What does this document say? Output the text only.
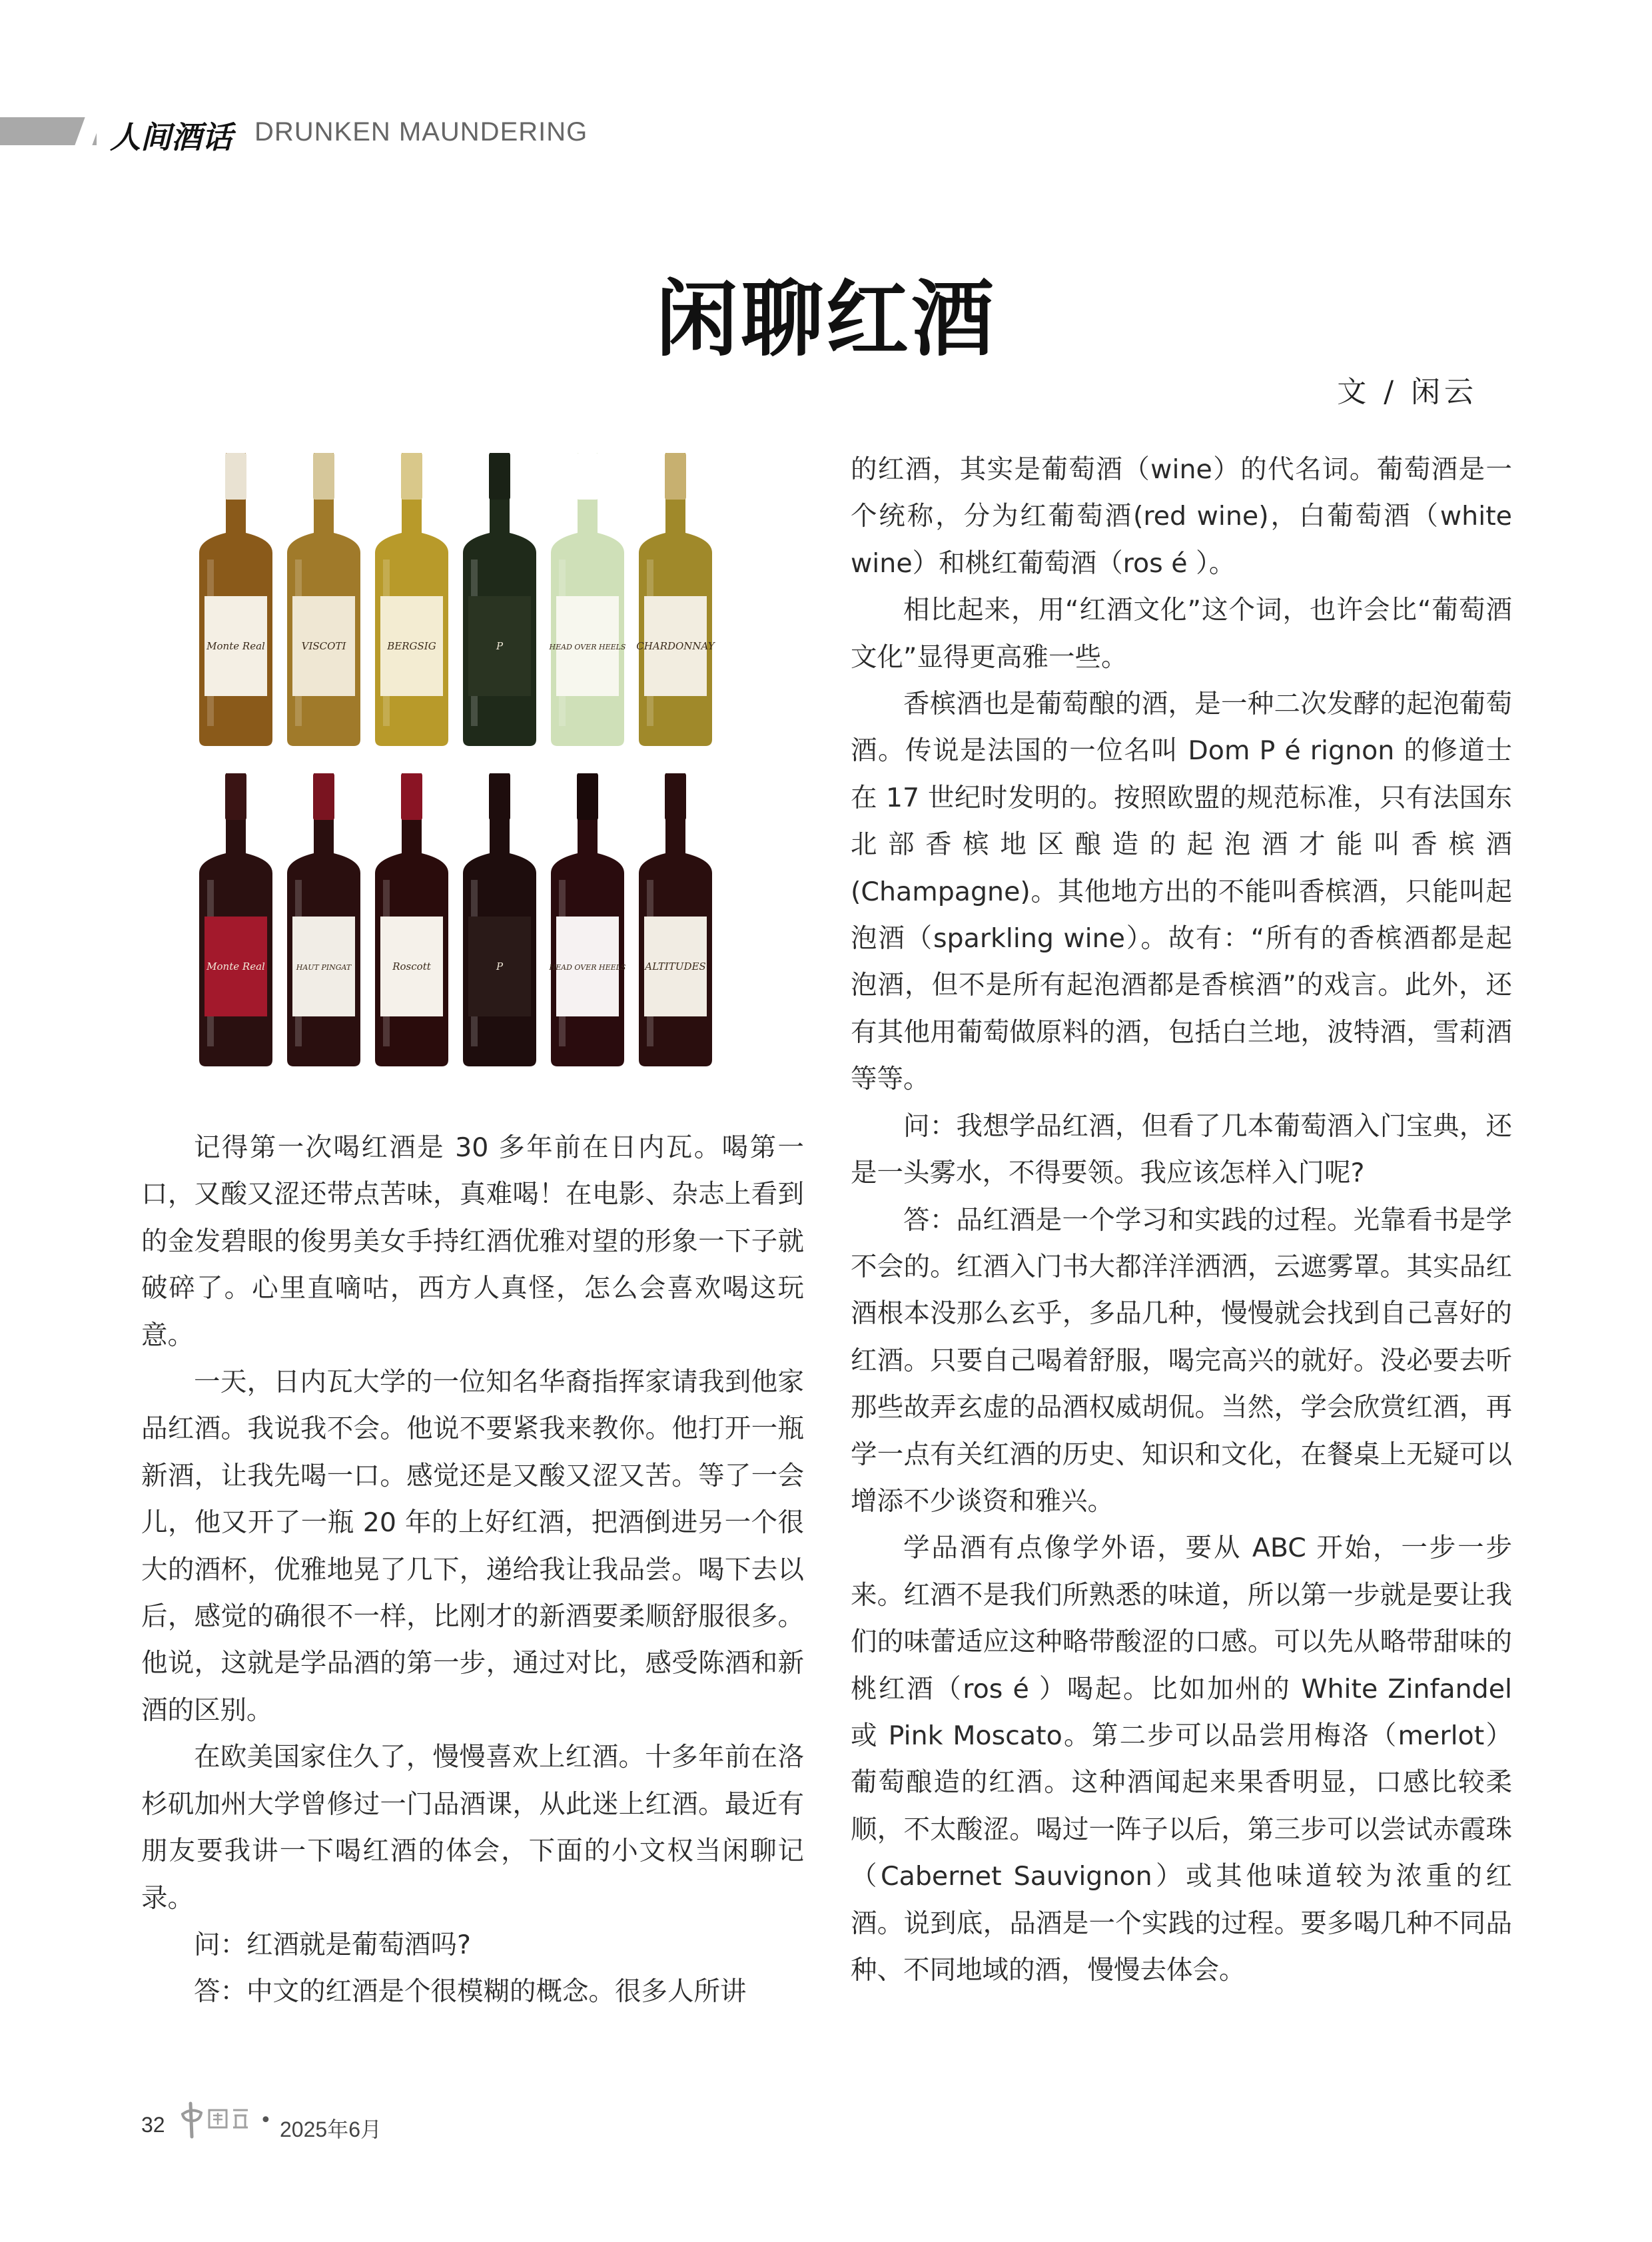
人间酒话 DRUNKEN MAUNDERING
闲聊红酒
文 / 闲云
Monte Real	VISCOTI	BERGSIG	P	HEAD OVER HEELS CHARDONNAY
Monte Real	HAUT PINGAT	Roscott	P	HEAD OVER HEELS ALTITUDES

记得第一次喝红酒是 30 多年前在日内瓦。喝第一口，又酸又涩还带点苦味，真难喝！在电影、杂志上看到的金发碧眼的俊男美女手持红酒优雅对望的形象一下子就破碎了。心里直嘀咕，西方人真怪，怎么会喜欢喝这玩意。

一天，日内瓦大学的一位知名华裔指挥家请我到他家品红酒。我说我不会。他说不要紧我来教你。他打开一瓶新酒，让我先喝一口。感觉还是又酸又涩又苦。等了一会儿，他又开了一瓶 20 年的上好红酒，把酒倒进另一个很大的酒杯，优雅地晃了几下，递给我让我品尝。喝下去以后，感觉的确很不一样，比刚才的新酒要柔顺舒服很多。他说，这就是学品酒的第一步，通过对比，感受陈酒和新酒的区别。

在欧美国家住久了，慢慢喜欢上红酒。十多年前在洛杉矶加州大学曾修过一门品酒课，从此迷上红酒。最近有朋友要我讲一下喝红酒的体会，下面的小文权当闲聊记录。

问：红酒就是葡萄酒吗?

答：中文的红酒是个很模糊的概念。很多人所讲

的红酒，其实是葡萄酒（wine）的代名词。葡萄酒是一个统称，分为红葡萄酒(red wine)，白葡萄酒（white wine）和桃红葡萄酒（ros é ）。

相比起来，用“红酒文化”这个词，也许会比“葡萄酒文化”显得更高雅一些。

香槟酒也是葡萄酿的酒，是一种二次发酵的起泡葡萄酒。传说是法国的一位名叫 Dom P é rignon 的修道士在 17 世纪时发明的。按照欧盟的规范标准，只有法国东北部香槟地区酿造的起泡酒才能叫香槟酒(Champagne)。其他地方出的不能叫香槟酒，只能叫起泡酒（sparkling wine）。故有：“所有的香槟酒都是起泡酒，但不是所有起泡酒都是香槟酒”的戏言。此外，还有其他用葡萄做原料的酒，包括白兰地，波特酒，雪莉酒等等。

问：我想学品红酒，但看了几本葡萄酒入门宝典，还是一头雾水，不得要领。我应该怎样入门呢?

答：品红酒是一个学习和实践的过程。光靠看书是学不会的。红酒入门书大都洋洋洒洒，云遮雾罩。其实品红酒根本没那么玄乎，多品几种，慢慢就会找到自己喜好的红酒。只要自己喝着舒服，喝完高兴的就好。没必要去听那些故弄玄虚的品酒权威胡侃。当然，学会欣赏红酒，再学一点有关红酒的历史、知识和文化，在餐桌上无疑可以增添不少谈资和雅兴。

学品酒有点像学外语，要从 ABC 开始，一步一步来。红酒不是我们所熟悉的味道，所以第一步就是要让我们的味蕾适应这种略带酸涩的口感。可以先从略带甜味的桃红酒（ros é ）喝起。比如加州的 White Zinfandel 或 Pink Moscato。第二步可以品尝用梅洛（merlot）葡萄酿造的红酒。这种酒闻起来果香明显，口感比较柔顺，不太酸涩。喝过一阵子以后，第三步可以尝试赤霞珠（Cabernet Sauvignon）或其他味道较为浓重的红酒。说到底，品酒是一个实践的过程。要多喝几种不同品种、不同地域的酒，慢慢去体会。

32	• 2025年6月
